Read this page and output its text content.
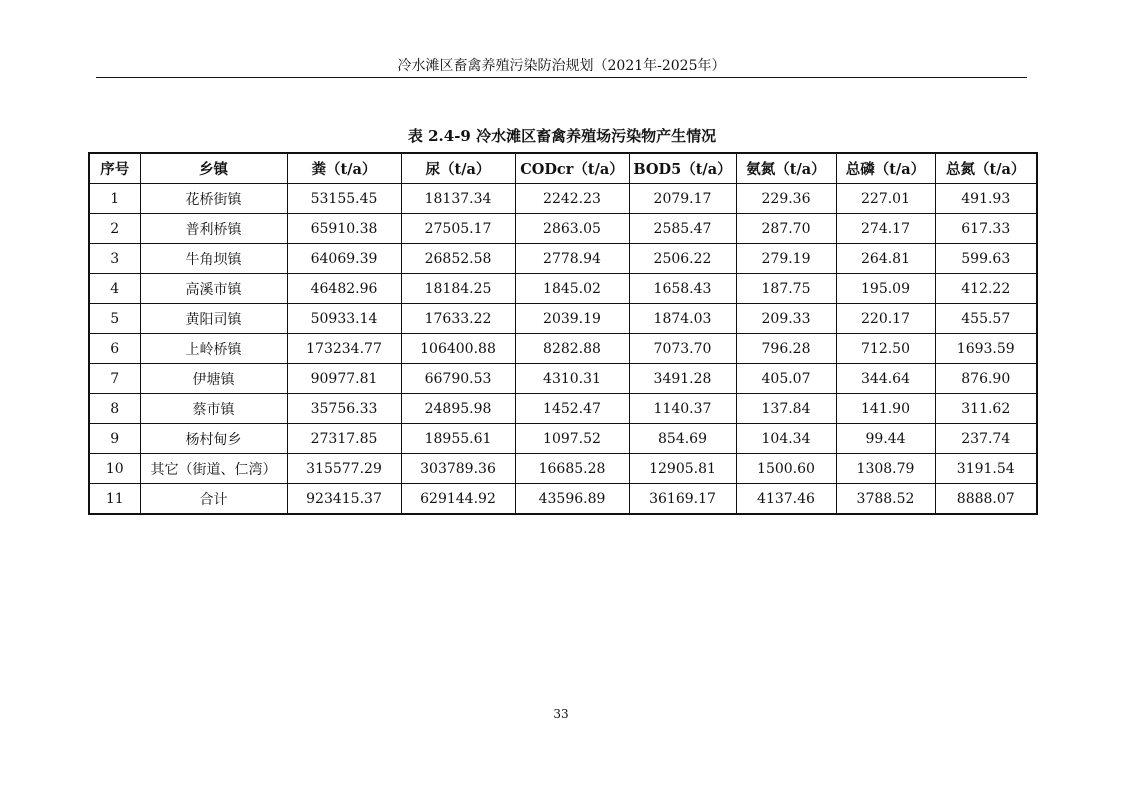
冷水滩区畜禽养殖污染防治规划（2021年-2025年）
表 2.4-9 冷水滩区畜禽养殖场污染物产生情况
序号	乡镇	粪（t/a）	尿（t/a）	CODcr（t/a）	BOD5（t/a）	氨氮（t/a）	总磷（t/a）	总氮（t/a）
1	花桥街镇	53155.45	18137.34	2242.23	2079.17	229.36	227.01	491.93
2	普利桥镇	65910.38	27505.17	2863.05	2585.47	287.70	274.17	617.33
3	牛角坝镇	64069.39	26852.58	2778.94	2506.22	279.19	264.81	599.63
4	高溪市镇	46482.96	18184.25	1845.02	1658.43	187.75	195.09	412.22
5	黄阳司镇	50933.14	17633.22	2039.19	1874.03	209.33	220.17	455.57
6	上岭桥镇	173234.77	106400.88	8282.88	7073.70	796.28	712.50	1693.59
7	伊塘镇	90977.81	66790.53	4310.31	3491.28	405.07	344.64	876.90
8	蔡市镇	35756.33	24895.98	1452.47	1140.37	137.84	141.90	311.62
9	杨村甸乡	27317.85	18955.61	1097.52	854.69	104.34	99.44	237.74
10	其它（街道、仁湾）	315577.29	303789.36	16685.28	12905.81	1500.60	1308.79	3191.54
11	合计	923415.37	629144.92	43596.89	36169.17	4137.46	3788.52	8888.07
33
